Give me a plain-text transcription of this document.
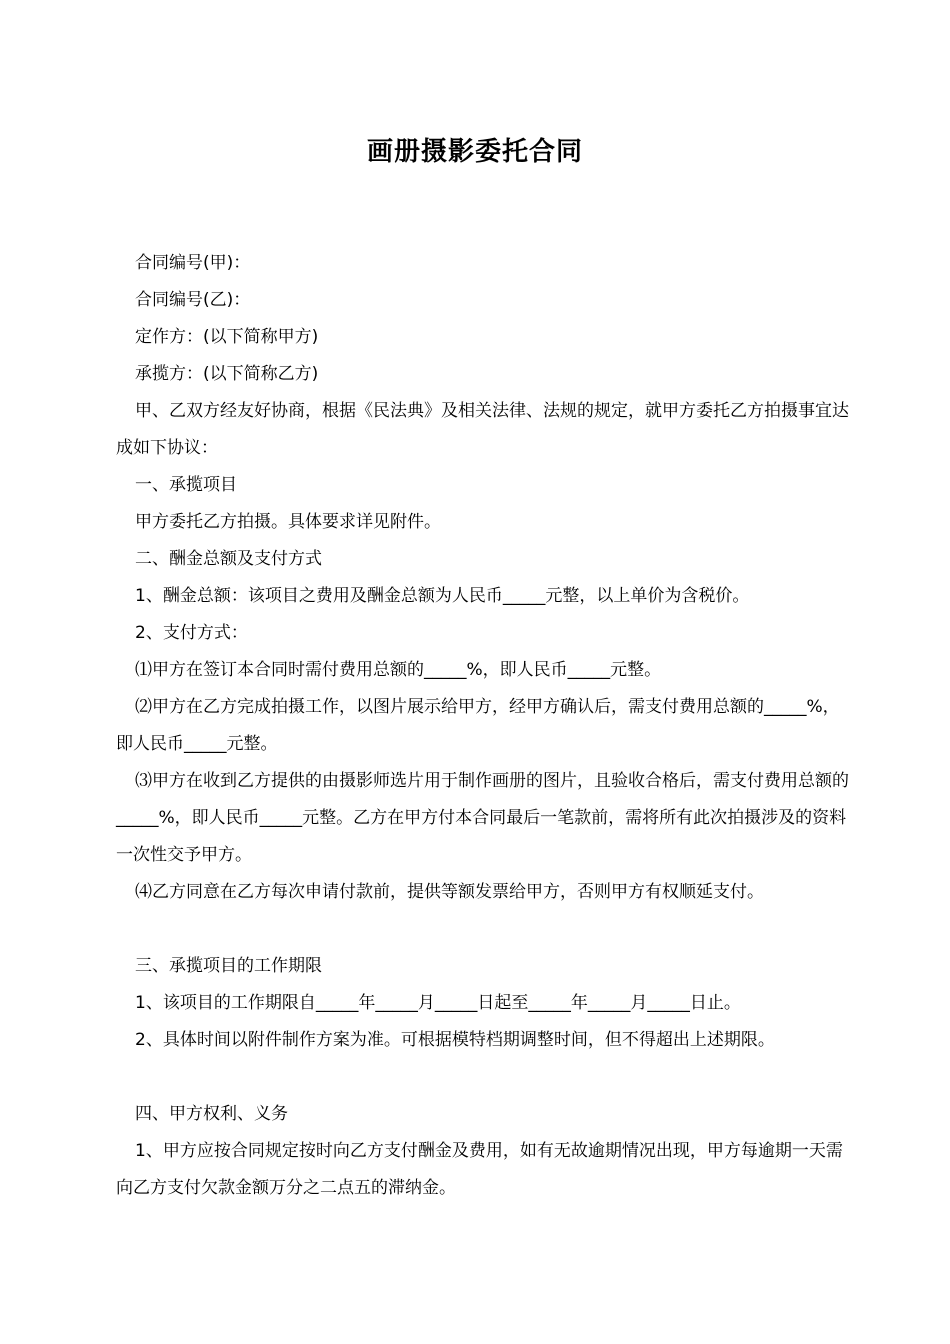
画册摄影委托合同

合同编号(甲)：

合同编号(乙)：

定作方：(以下简称甲方)

承揽方：(以下简称乙方)

甲、乙双方经友好协商，根据《民法典》及相关法律、法规的规定，就甲方委托乙方拍摄事宜达成如下协议：

一、承揽项目

甲方委托乙方拍摄。具体要求详见附件。

二、酬金总额及支付方式

1、酬金总额：该项目之费用及酬金总额为人民币_____元整，以上单价为含税价。

2、支付方式：

⑴甲方在签订本合同时需付费用总额的_____%，即人民币_____元整。

⑵甲方在乙方完成拍摄工作，以图片展示给甲方，经甲方确认后，需支付费用总额的_____%，即人民币_____元整。

⑶甲方在收到乙方提供的由摄影师选片用于制作画册的图片，且验收合格后，需支付费用总额的_____%，即人民币_____元整。乙方在甲方付本合同最后一笔款前，需将所有此次拍摄涉及的资料一次性交予甲方。

⑷乙方同意在乙方每次申请付款前，提供等额发票给甲方，否则甲方有权顺延支付。

三、承揽项目的工作期限

1、该项目的工作期限自_____年_____月_____日起至_____年_____月_____日止。

2、具体时间以附件制作方案为准。可根据模特档期调整时间，但不得超出上述期限。

四、甲方权利、义务

1、甲方应按合同规定按时向乙方支付酬金及费用，如有无故逾期情况出现，甲方每逾期一天需向乙方支付欠款金额万分之二点五的滞纳金。
